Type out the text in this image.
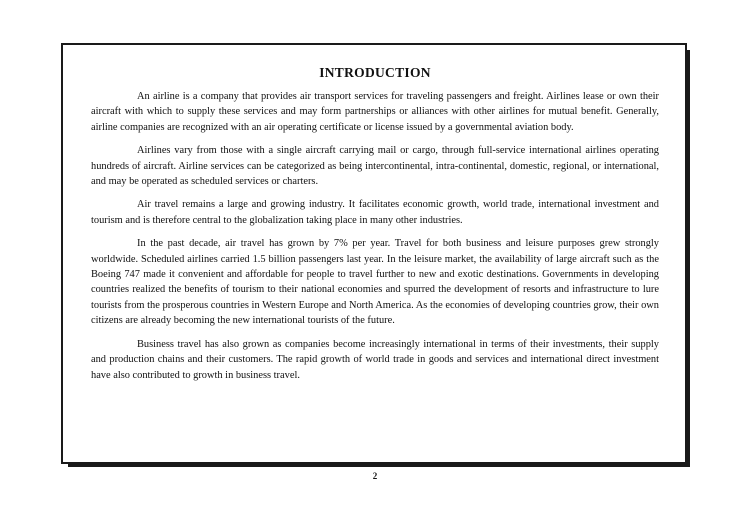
INTRODUCTION

An airline is a company that provides air transport services for traveling passengers and freight. Airlines lease or own their aircraft with which to supply these services and may form partnerships or alliances with other airlines for mutual benefit. Generally, airline companies are recognized with an air operating certificate or license issued by a governmental aviation body.

Airlines vary from those with a single aircraft carrying mail or cargo, through full-service international airlines operating hundreds of aircraft. Airline services can be categorized as being intercontinental, intra-continental, domestic, regional, or international, and may be operated as scheduled services or charters.

Air travel remains a large and growing industry. It facilitates economic growth, world trade, international investment and tourism and is therefore central to the globalization taking place in many other industries.

In the past decade, air travel has grown by 7% per year. Travel for both business and leisure purposes grew strongly worldwide. Scheduled airlines carried 1.5 billion passengers last year. In the leisure market, the availability of large aircraft such as the Boeing 747 made it convenient and affordable for people to travel further to new and exotic destinations. Governments in developing countries realized the benefits of tourism to their national economies and spurred the development of resorts and infrastructure to lure tourists from the prosperous countries in Western Europe and North America. As the economies of developing countries grow, their own citizens are already becoming the new international tourists of the future.

Business travel has also grown as companies become increasingly international in terms of their investments, their supply and production chains and their customers. The rapid growth of world trade in goods and services and international direct investment have also contributed to growth in business travel.

2
